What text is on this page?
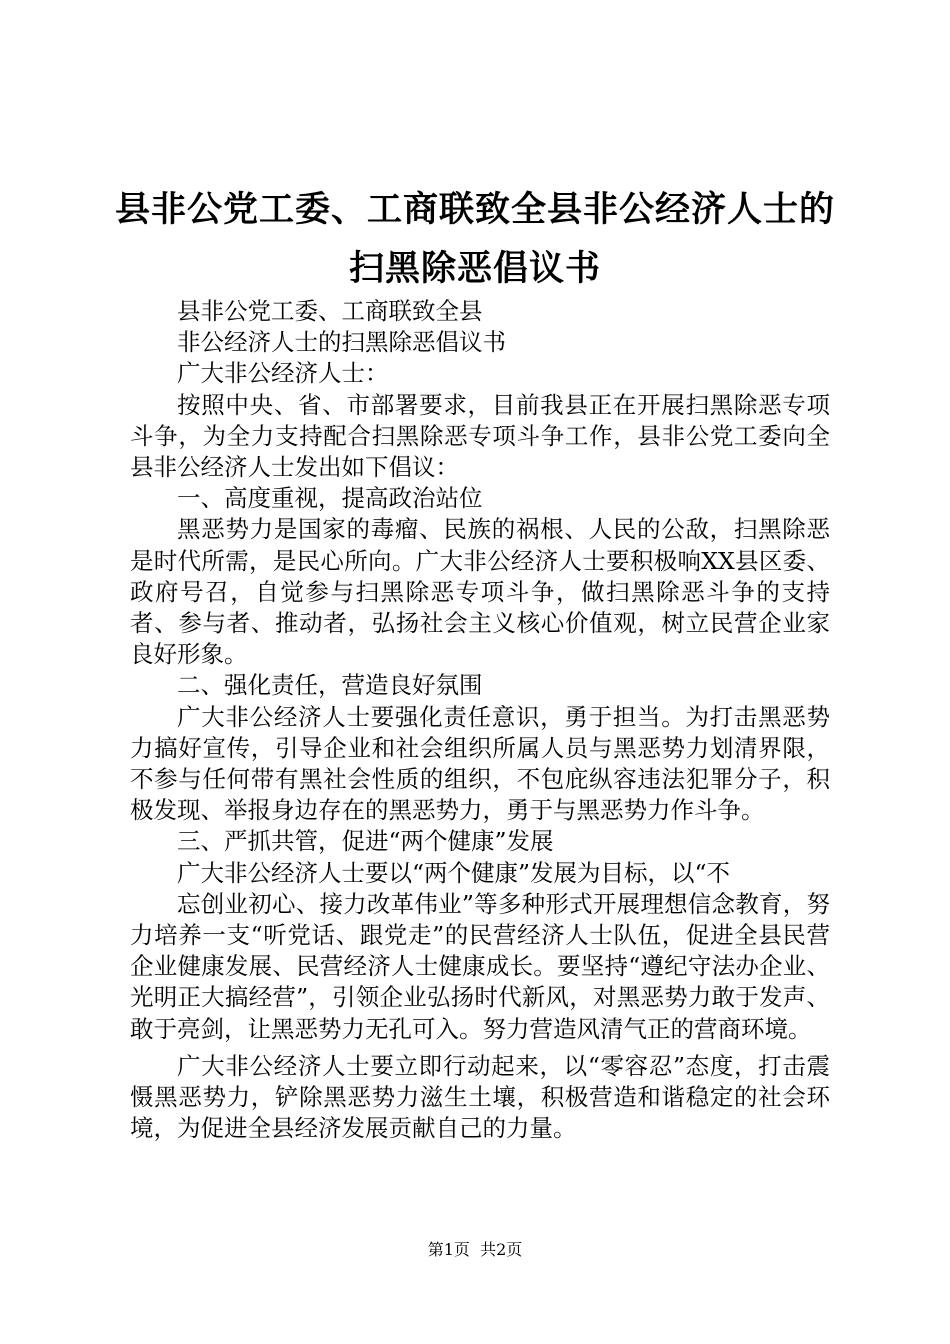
县非公党工委、工商联致全县非公经济人士的
扫黑除恶倡议书

县非公党工委、工商联致全县

非公经济人士的扫黑除恶倡议书

广大非公经济人士：

按照中央、省、市部署要求，目前我县正在开展扫黑除恶专项斗争，为全力支持配合扫黑除恶专项斗争工作，县非公党工委向全县非公经济人士发出如下倡议：

一、高度重视，提高政治站位

黑恶势力是国家的毒瘤、民族的祸根、人民的公敌，扫黑除恶是时代所需，是民心所向。广大非公经济人士要积极响XX县区委、政府号召，自觉参与扫黑除恶专项斗争，做扫黑除恶斗争的支持者、参与者、推动者，弘扬社会主义核心价值观，树立民营企业家良好形象。

二、强化责任，营造良好氛围

广大非公经济人士要强化责任意识，勇于担当。为打击黑恶势力搞好宣传，引导企业和社会组织所属人员与黑恶势力划清界限，不参与任何带有黑社会性质的组织，不包庇纵容违法犯罪分子，积极发现、举报身边存在的黑恶势力，勇于与黑恶势力作斗争。

三、严抓共管，促进“两个健康”发展

广大非公经济人士要以“两个健康”发展为目标，以“不

忘创业初心、接力改革伟业”等多种形式开展理想信念教育，努力培养一支“听党话、跟党走”的民营经济人士队伍，促进全县民营企业健康发展、民营经济人士健康成长。要坚持“遵纪守法办企业、光明正大搞经营”，引领企业弘扬时代新风，对黑恶势力敢于发声、敢于亮剑，让黑恶势力无孔可入。努力营造风清气正的营商环境。

广大非公经济人士要立即行动起来，以“零容忍”态度，打击震慑黑恶势力，铲除黑恶势力滋生土壤，积极营造和谐稳定的社会环境，为促进全县经济发展贡献自己的力量。

第1页  共2页
